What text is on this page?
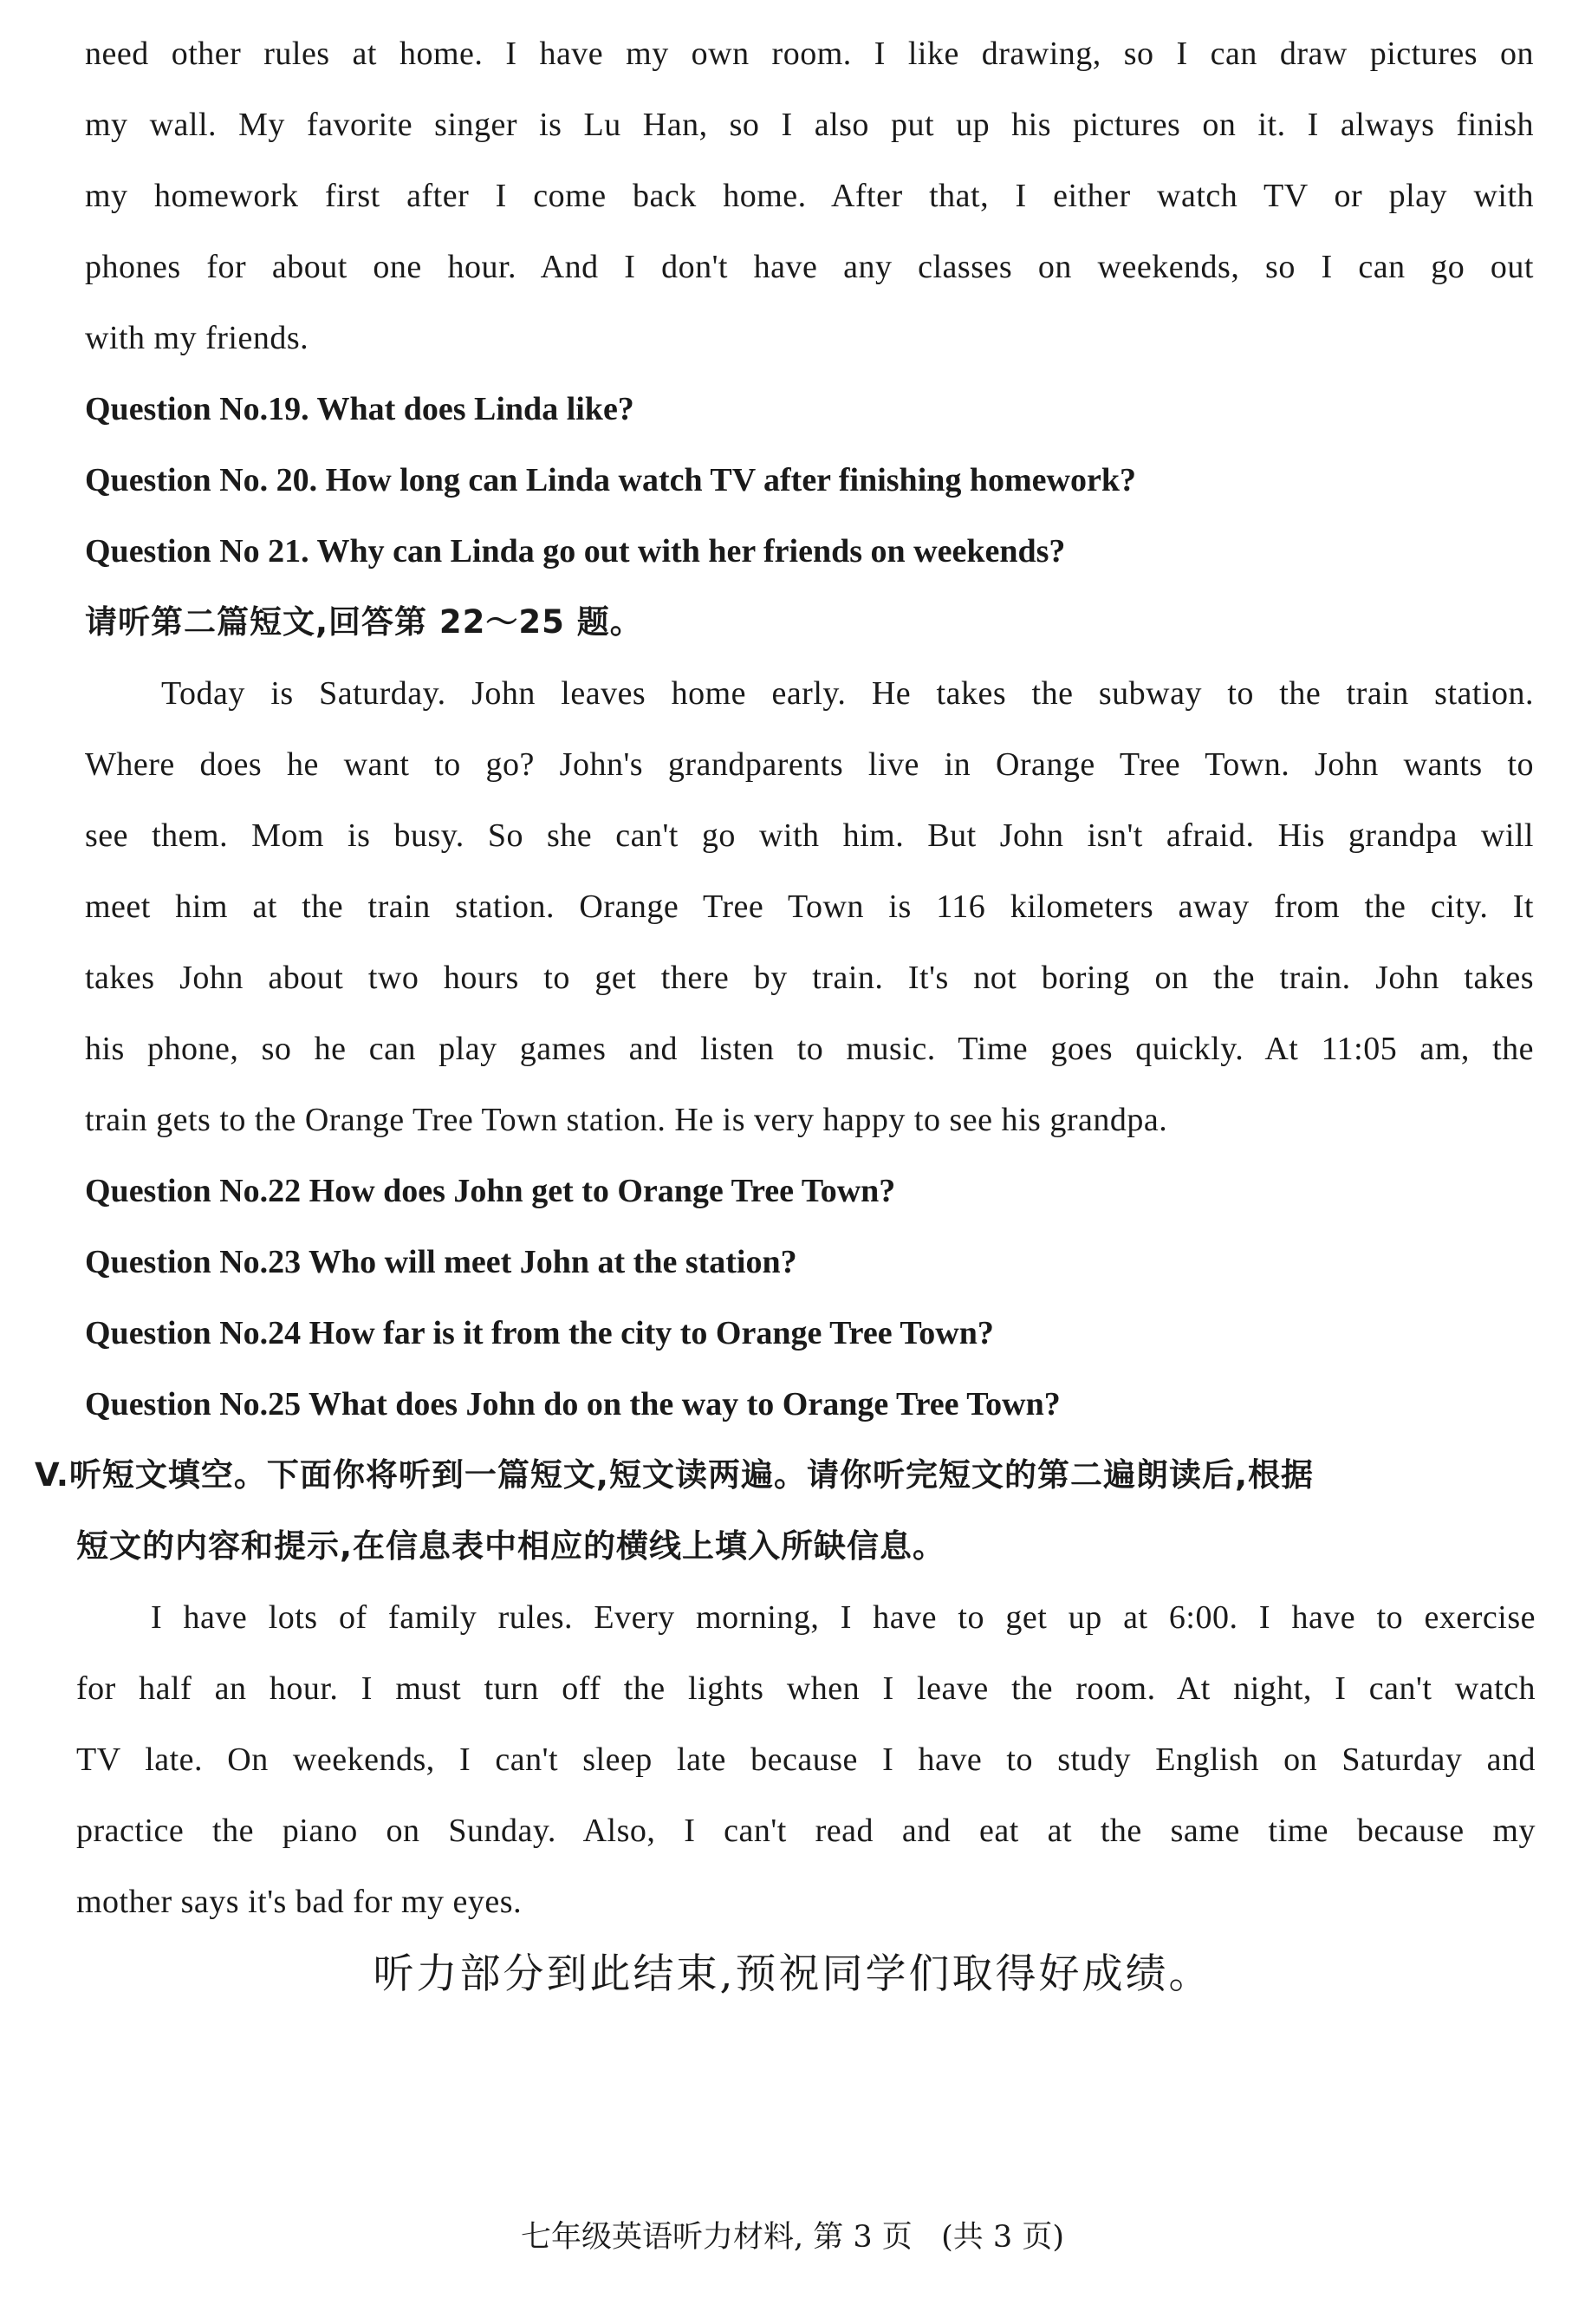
need other rules at home. I have my own room. I like drawing, so I can draw pictures on
my wall. My favorite singer is Lu Han, so I also put up his pictures on it. I always finish
my homework first after I come back home. After that, I either watch TV or play with
phones for about one hour. And I don't have any classes on weekends, so I can go out
with my friends.
Question No.19. What does Linda like?
Question No. 20. How long can Linda watch TV after finishing homework?
Question No 21. Why can Linda go out with her friends on weekends?
请听第二篇短文,回答第 22～25 题。
Today is Saturday. John leaves home early. He takes the subway to the train station.
Where does he want to go? John's grandparents live in Orange Tree Town. John wants to
see them. Mom is busy. So she can't go with him. But John isn't afraid. His grandpa will
meet him at the train station. Orange Tree Town is 116 kilometers away from the city. It
takes John about two hours to get there by train. It's not boring on the train. John takes
his phone, so he can play games and listen to music. Time goes quickly. At 11:05 am, the
train gets to the Orange Tree Town station. He is very happy to see his grandpa.
Question No.22 How does John get to Orange Tree Town?
Question No.23 Who will meet John at the station?
Question No.24 How far is it from the city to Orange Tree Town?
Question No.25 What does John do on the way to Orange Tree Town?
V.听短文填空。下面你将听到一篇短文,短文读两遍。请你听完短文的第二遍朗读后,根据
短文的内容和提示,在信息表中相应的横线上填入所缺信息。
I have lots of family rules. Every morning, I have to get up at 6:00. I have to exercise
for half an hour. I must turn off the lights when I leave the room. At night, I can't watch
TV late. On weekends, I can't sleep late because I have to study English on Saturday and
practice the piano on Sunday. Also, I can't read and eat at the same time because my
mother says it's bad for my eyes.
听力部分到此结束,预祝同学们取得好成绩。
七年级英语听力材料, 第 3 页   (共 3 页)
